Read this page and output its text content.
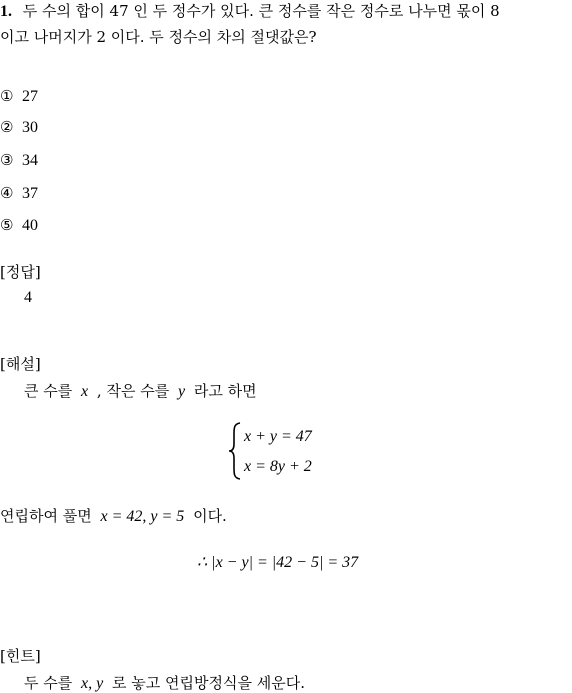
1. 두 수의 합이 47 인 두 정수가 있다. 큰 정수를 작은 정수로 나누면 몫이 8
이고 나머지가 2 이다. 두 정수의 차의 절댓값은?
① 27
② 30
③ 34
④ 37
⑤ 40
[정답]
4
[해설]
큰 수를 x , 작은 수를 y 라고 하면
x + y = 47
x = 8y + 2
연립하여 풀면 x = 42, y = 5 이다.
∴ |x − y| = |42 − 5| = 37
[힌트]
두 수를 x, y 로 놓고 연립방정식을 세운다.
